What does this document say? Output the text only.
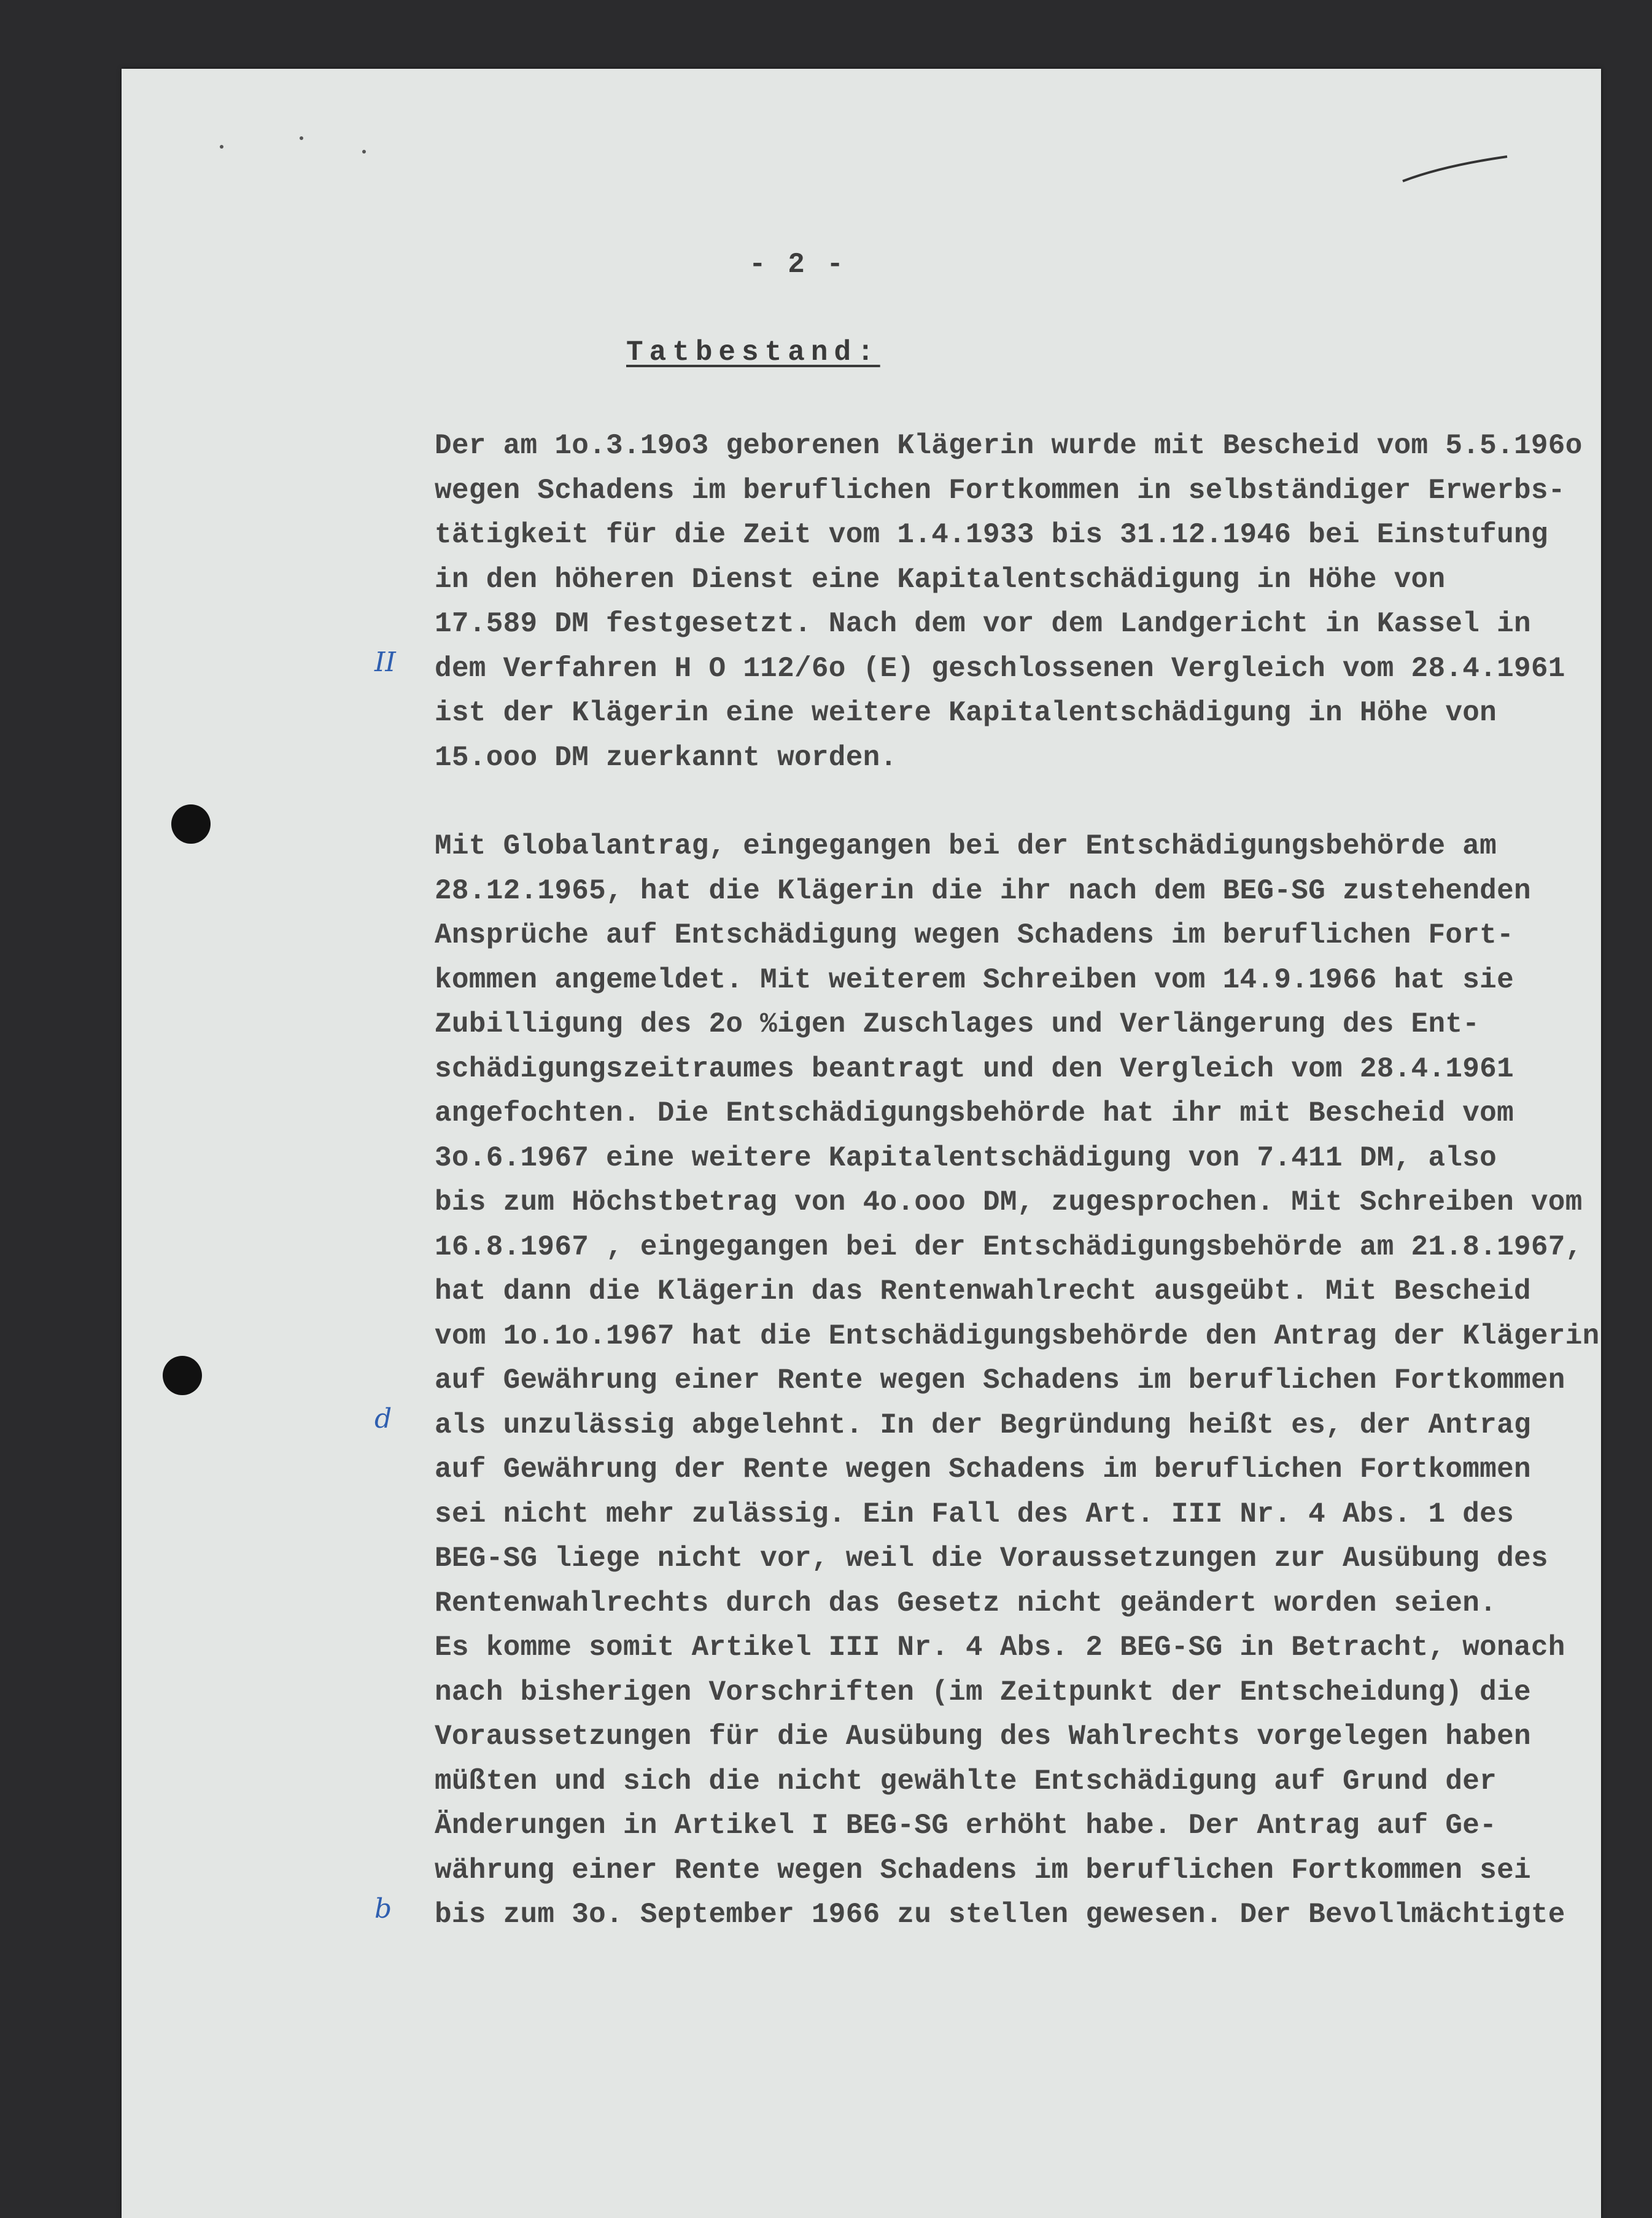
- 2 -
Tatbestand:
Der am 1o.3.19o3 geborenen Klägerin wurde mit Bescheid vom 5.5.196o
wegen Schadens im beruflichen Fortkommen in selbständiger Erwerbs-
tätigkeit für die Zeit vom 1.4.1933 bis 31.12.1946 bei Einstufung
in den höheren Dienst eine Kapitalentschädigung in Höhe von
17.589 DM festgesetzt. Nach dem vor dem Landgericht in Kassel in
dem Verfahren H O 112/6o (E) geschlossenen Vergleich vom 28.4.1961
ist der Klägerin eine weitere Kapitalentschädigung in Höhe von
15.ooo DM zuerkannt worden.
Mit Globalantrag, eingegangen bei der Entschädigungsbehörde am
28.12.1965, hat die Klägerin die ihr nach dem BEG-SG zustehenden
Ansprüche auf Entschädigung wegen Schadens im beruflichen Fort-
kommen angemeldet. Mit weiterem Schreiben vom 14.9.1966 hat sie
Zubilligung des 2o %igen Zuschlages und Verlängerung des Ent-
schädigungszeitraumes beantragt und den Vergleich vom 28.4.1961
angefochten. Die Entschädigungsbehörde hat ihr mit Bescheid vom
3o.6.1967 eine weitere Kapitalentschädigung von 7.411 DM, also
bis zum Höchstbetrag von 4o.ooo DM, zugesprochen. Mit Schreiben vom
16.8.1967 , eingegangen bei der Entschädigungsbehörde am 21.8.1967,
hat dann die Klägerin das Rentenwahlrecht ausgeübt. Mit Bescheid
vom 1o.1o.1967 hat die Entschädigungsbehörde den Antrag der Klägerin
auf Gewährung einer Rente wegen Schadens im beruflichen Fortkommen
als unzulässig abgelehnt. In der Begründung heißt es, der Antrag
auf Gewährung der Rente wegen Schadens im beruflichen Fortkommen
sei nicht mehr zulässig. Ein Fall des Art. III Nr. 4 Abs. 1 des
BEG-SG liege nicht vor, weil die Voraussetzungen zur Ausübung des
Rentenwahlrechts durch das Gesetz nicht geändert worden seien.
Es komme somit Artikel III Nr. 4 Abs. 2 BEG-SG in Betracht, wonach
nach bisherigen Vorschriften (im Zeitpunkt der Entscheidung) die
Voraussetzungen für die Ausübung des Wahlrechts vorgelegen haben
müßten und sich die nicht gewählte Entschädigung auf Grund der
Änderungen in Artikel I BEG-SG erhöht habe. Der Antrag auf Ge-
währung einer Rente wegen Schadens im beruflichen Fortkommen sei
bis zum 3o. September 1966 zu stellen gewesen. Der Bevollmächtigte
II
d
b
